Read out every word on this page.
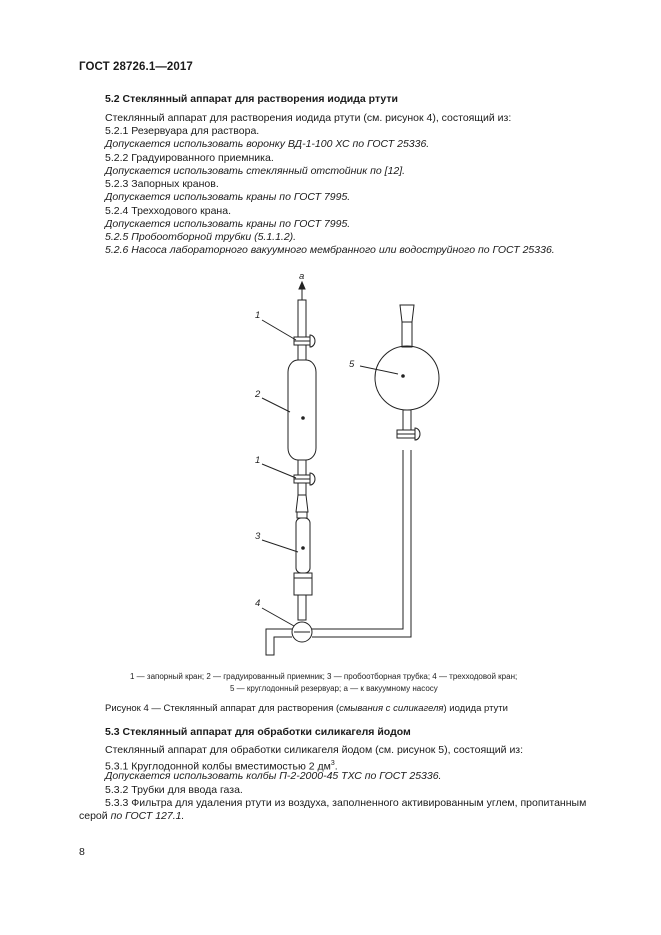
ГОСТ 28726.1—2017
5.2 Стеклянный аппарат для растворения иодида ртути
Стеклянный аппарат для растворения иодида ртути (см. рисунок 4), состоящий из:
5.2.1 Резервуара для раствора.
Допускается использовать воронку ВД-1-100 ХС по ГОСТ 25336.
5.2.2 Градуированного приемника.
Допускается использовать стеклянный отстойник по [12].
5.2.3 Запорных кранов.
Допускается использовать краны по ГОСТ 7995.
5.2.4 Трехходового крана.
Допускается использовать краны по ГОСТ 7995.
5.2.5 Пробоотборной трубки (5.1.1.2).
5.2.6 Насоса лабораторного вакуумного мембранного или водоструйного по ГОСТ 25336.
а
1
2
1
3
4
5
1 — запорный кран; 2 — градуированный приемник; 3 — пробоотборная трубка; 4 — трехходовой кран;
5 — круглодонный резервуар; а — к вакуумному насосу
Рисунок 4 — Стеклянный аппарат для растворения (смывания с силикагеля) иодида ртути
5.3 Стеклянный аппарат для обработки силикагеля йодом
Стеклянный аппарат для обработки силикагеля йодом (см. рисунок 5), состоящий из:
5.3.1 Круглодонной колбы вместимостью 2 $дм^3$.
Допускается использовать колбы П-2-2000-45 ТХС по ГОСТ 25336.
5.3.2 Трубки для ввода газа.
5.3.3 Фильтра для удаления ртути из воздуха, заполненного активированным углем, пропитанным
серой по ГОСТ 127.1.
8
